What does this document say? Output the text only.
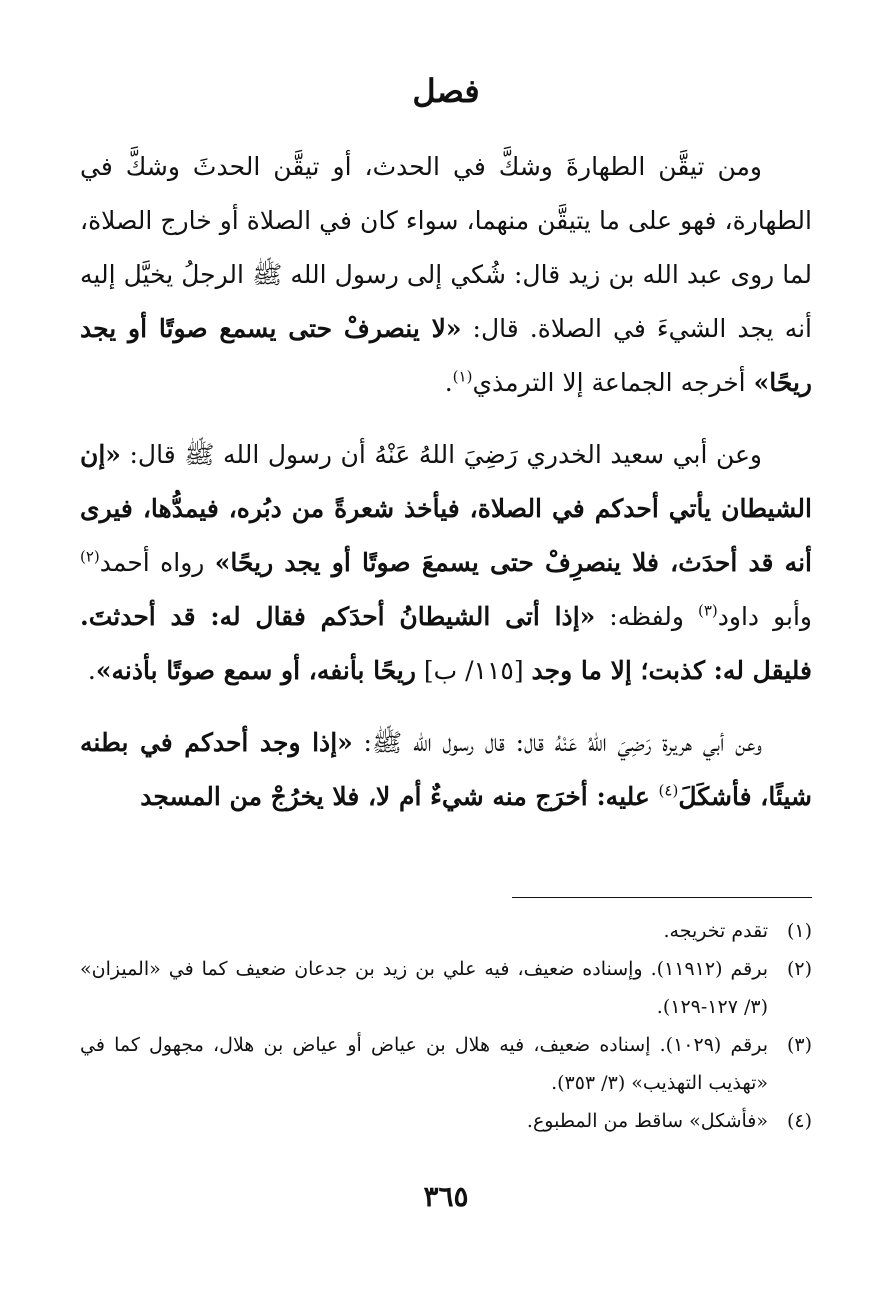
فصل

ومن تيقَّن الطهارةَ وشكَّ في الحدث، أو تيقَّن الحدثَ وشكَّ في الطهارة، فهو على ما يتيقَّن منهما، سواء كان في الصلاة أو خارج الصلاة، لما روى عبد الله بن زيد قال: شُكي إلى رسول الله ﷺ الرجلُ يخيَّل إليه أنه يجد الشيءَ في الصلاة. قال: «لا ينصرفْ حتى يسمع صوتًا أو يجد ريحًا» أخرجه الجماعة إلا الترمذي$^{(١)}$.

وعن أبي سعيد الخدري رَضِيَ اللهُ عَنْهُ أن رسول الله ﷺ قال: «إن الشيطان يأتي أحدكم في الصلاة، فيأخذ شعرةً من دبُره، فيمدُّها، فيرى أنه قد أحدَث، فلا ينصرِفْ حتى يسمعَ صوتًا أو يجد ريحًا» رواه أحمد$^{(٢)}$ وأبو داود$^{(٣)}$ ولفظه: «إذا أتى الشيطانُ أحدَكم فقال له: قد أحدثتَ. فليقل له: كذبت؛ إلا ما وجد [١١٥/ ب] ريحًا بأنفه، أو سمع صوتًا بأذنه».

وعن أبي هريرة رَضِيَ اللهُ عَنْهُ قال: قال رسول الله ﷺ: «إذا وجد أحدكم في بطنه شيئًا، فأشكَلَ$^{(٤)}$ عليه: أخرَج منه شيءٌ أم لا، فلا يخرُجْ من المسجد

(١)
تقدم تخريجه.
(٢)
برقم (١١٩١٢). وإسناده ضعيف، فيه علي بن زيد بن جدعان ضعيف كما في «الميزان» (٣/ ١٢٧-١٢٩).
(٣)
برقم (١٠٢٩). إسناده ضعيف، فيه هلال بن عياض أو عياض بن هلال، مجهول كما في «تهذيب التهذيب» (٣/ ٣٥٣).
(٤)
«فأشكل» ساقط من المطبوع.
٣٦٥
